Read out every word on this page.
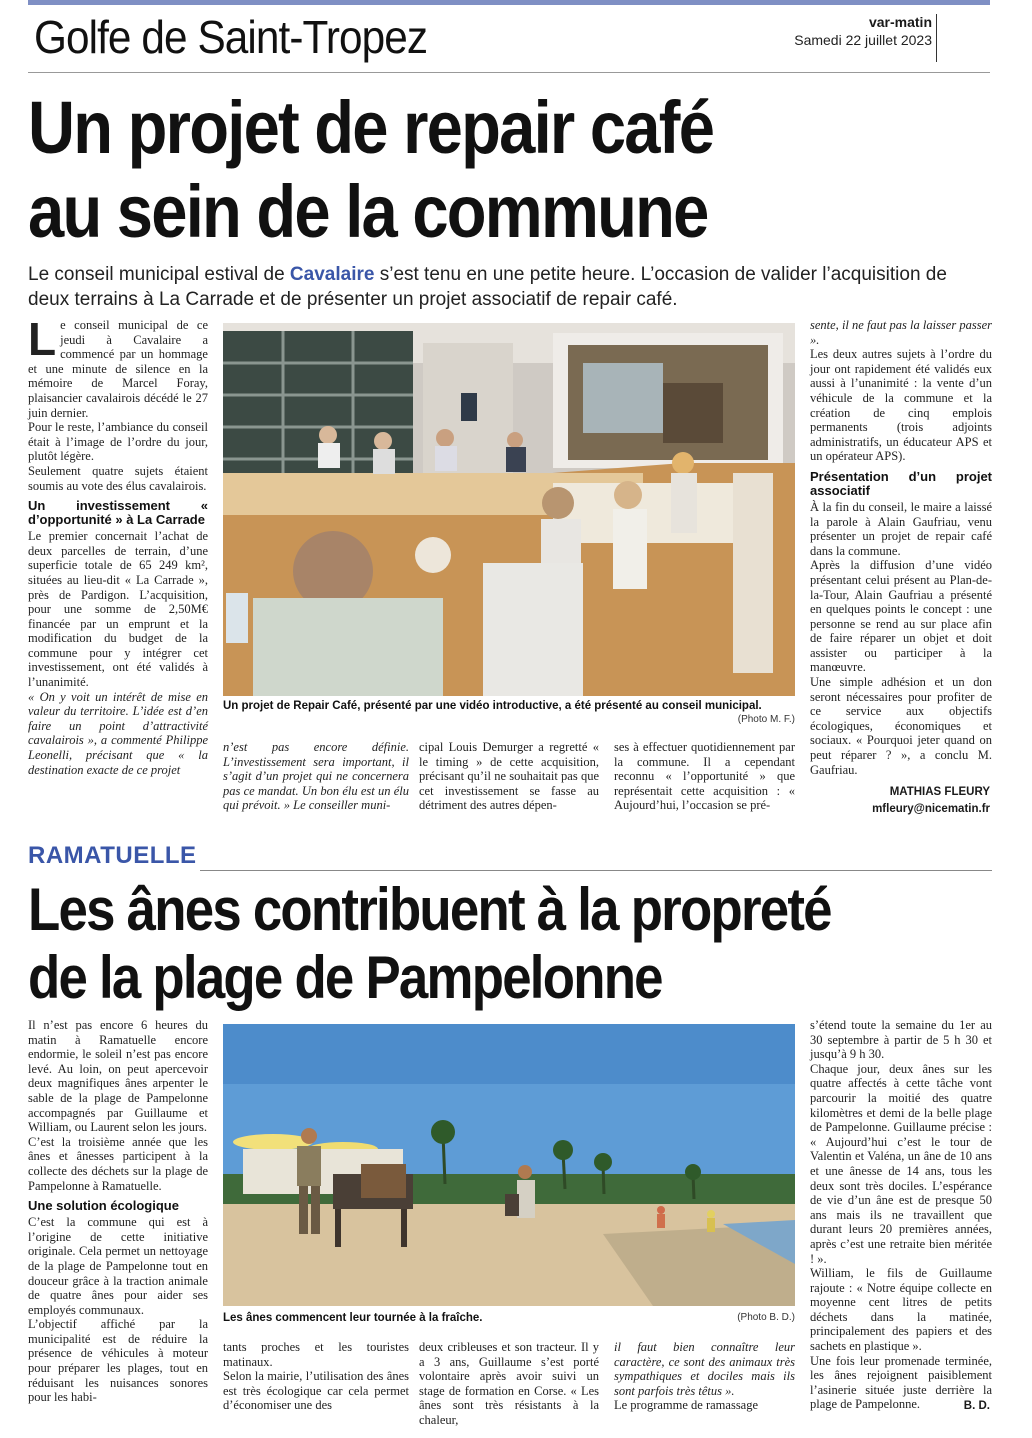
Golfe de Saint-Tropez	var-matin
Samedi 22 juillet 2023
Un projet de repair café
au sein de la commune
Le conseil municipal estival de Cavalaire s’est tenu en une petite heure. L’occasion de valider l’acquisition de deux terrains à La Carrade et de présenter un projet associatif de repair café.

Le conseil municipal de ce jeudi à Cavalaire a commencé par un hommage et une minute de silence en la mémoire de Marcel Foray, plaisancier cavalairois décédé le 27 juin dernier.

Pour le reste, l’ambiance du conseil était à l’image de l’ordre du jour, plutôt légère.

Seulement quatre sujets étaient soumis au vote des élus cavalairois.

Un investissement « d’opportunité » à La Carrade

Le premier concernait l’achat de deux parcelles de terrain, d’une superficie totale de 65 249 km², situées au lieu-dit « La Carrade », près de Pardigon. L’acquisition, pour une somme de 2,50M€ financée par un emprunt et la modification du budget de la commune pour y intégrer cet investissement, ont été validés à l’unanimité.

« On y voit un intérêt de mise en valeur du territoire. L’idée est d’en faire un point d’attractivité cavalairois », a commenté Philippe Leonelli, précisant que « la destination exacte de ce projet

Un projet de Repair Café, présenté par une vidéo introductive, a été présenté au conseil municipal.
(Photo M. F.)

n’est pas encore définie. L’investissement sera important, il s’agit d’un projet qui ne concernera pas ce mandat. Un bon élu est un élu qui prévoit. » Le conseiller muni-

cipal Louis Demurger a regretté « le timing » de cette acquisition, précisant qu’il ne souhaitait pas que cet investissement se fasse au détriment des autres dépen-

ses à effectuer quotidiennement par la commune. Il a cependant reconnu « l’opportunité » que représentait cette acquisition : « Aujourd’hui, l’occasion se pré-

sente, il ne faut pas la laisser passer ».

Les deux autres sujets à l’ordre du jour ont rapidement été validés eux aussi à l’unanimité : la vente d’un véhicule de la commune et la création de cinq emplois permanents (trois adjoints administratifs, un éducateur APS et un opérateur APS).

Présentation d’un projet associatif

À la fin du conseil, le maire a laissé la parole à Alain Gaufriau, venu présenter un projet de repair café dans la commune.

Après la diffusion d’une vidéo présentant celui présent au Plan-de-la-Tour, Alain Gaufriau a présenté en quelques points le concept : une personne se rend au sur place afin de faire réparer un objet et doit assister ou participer à la manœuvre.

Une simple adhésion et un don seront nécessaires pour profiter de ce service aux objectifs écologiques, économiques et sociaux. « Pourquoi jeter quand on peut réparer ? », a conclu M. Gaufriau.

MATHIAS FLEURY
mfleury@nicematin.fr
RAMATUELLE
Les ânes contribuent à la propreté
de la plage de Pampelonne

Il n’est pas encore 6 heures du matin à Ramatuelle encore endormie, le soleil n’est pas encore levé. Au loin, on peut apercevoir deux magnifiques ânes arpenter le sable de la plage de Pampelonne accompagnés par Guillaume et William, ou Laurent selon les jours.

C’est la troisième année que les ânes et ânesses participent à la collecte des déchets sur la plage de Pampelonne à Ramatuelle.

Une solution écologique

C’est la commune qui est à l’origine de cette initiative originale. Cela permet un nettoyage de la plage de Pampelonne tout en douceur grâce à la traction animale de quatre ânes pour aider ses employés communaux.

L’objectif affiché par la municipalité est de réduire la présence de véhicules à moteur pour préparer les plages, tout en réduisant les nuisances sonores pour les habi-

Les ânes commencent leur tournée à la fraîche.	(Photo B. D.)

tants proches et les touristes matinaux.

Selon la mairie, l’utilisation des ânes est très écologique car cela permet d’économiser une des

deux cribleuses et son tracteur. Il y a 3 ans, Guillaume s’est porté volontaire après avoir suivi un stage de formation en Corse. « Les ânes sont très résistants à la chaleur,

il faut bien connaître leur caractère, ce sont des animaux très sympathiques et dociles mais ils sont parfois très têtus ».

Le programme de ramassage

s’étend toute la semaine du 1er au 30 septembre à partir de 5 h 30 et jusqu’à 9 h 30.

Chaque jour, deux ânes sur les quatre affectés à cette tâche vont parcourir la moitié des quatre kilomètres et demi de la belle plage de Pampelonne. Guillaume précise : « Aujourd’hui c’est le tour de Valentin et Valéna, un âne de 10 ans et une ânesse de 14 ans, tous les deux sont très dociles. L’espérance de vie d’un âne est de presque 50 ans mais ils ne travaillent que durant leurs 20 premières années, après c’est une retraite bien méritée ! ».

William, le fils de Guillaume rajoute : « Notre équipe collecte en moyenne cent litres de petits déchets dans la matinée, principalement des papiers et des sachets en plastique ».

Une fois leur promenade terminée, les ânes rejoignent paisiblement l’asinerie située juste derrière la plage de Pampelonne.	B. D.
